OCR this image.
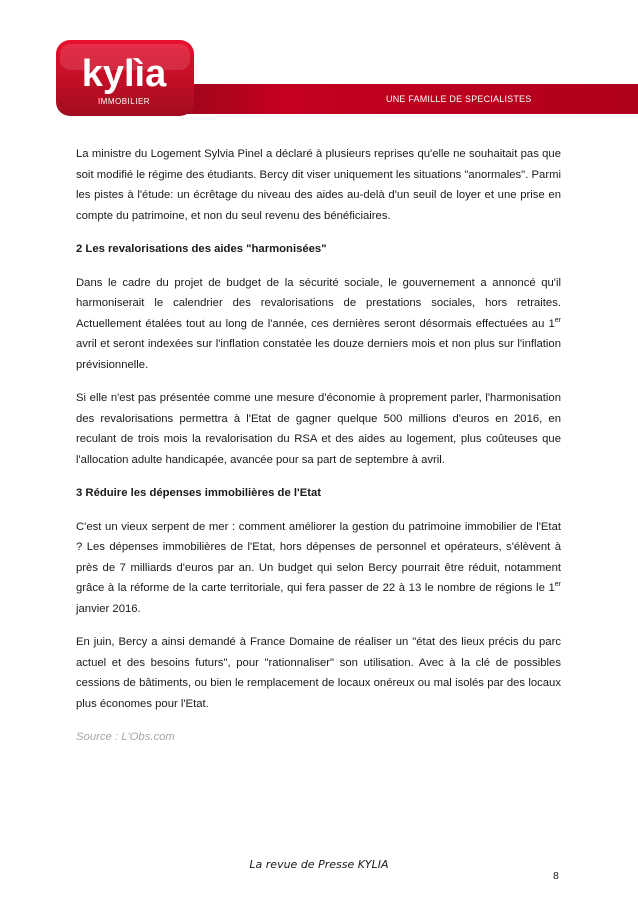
kylìa
IMMOBILIER	UNE FAMILLE DE SPECIALISTES

La ministre du Logement Sylvia Pinel a déclaré à plusieurs reprises qu'elle ne souhaitait pas que soit modifié le régime des étudiants. Bercy dit viser uniquement les situations "anormales". Parmi les pistes à l'étude: un écrêtage du niveau des aides au-delà d'un seuil de loyer et une prise en compte du patrimoine, et non du seul revenu des bénéficiaires.

2 Les revalorisations des aides "harmonisées"

Dans le cadre du projet de budget de la sécurité sociale, le gouvernement a annoncé qu'il harmoniserait le calendrier des revalorisations de prestations sociales, hors retraites. Actuellement étalées tout au long de l'année, ces dernières seront désormais effectuées au 1er avril et seront indexées sur l'inflation constatée les douze derniers mois et non plus sur l'inflation prévisionnelle.

Si elle n'est pas présentée comme une mesure d'économie à proprement parler, l'harmonisation des revalorisations permettra à l'Etat de gagner quelque 500 millions d'euros en 2016, en reculant de trois mois la revalorisation du RSA et des aides au logement, plus coûteuses que l'allocation adulte handicapée, avancée pour sa part de septembre à avril.

3 Réduire les dépenses immobilières de l'Etat

C'est un vieux serpent de mer : comment améliorer la gestion du patrimoine immobilier de l'Etat ? Les dépenses immobilières de l'Etat, hors dépenses de personnel et opérateurs, s'élèvent à près de 7 milliards d'euros par an. Un budget qui selon Bercy pourrait être réduit, notamment grâce à la réforme de la carte territoriale, qui fera passer de 22 à 13 le nombre de régions le 1er janvier 2016.

En juin, Bercy a ainsi demandé à France Domaine de réaliser un "état des lieux précis du parc actuel et des besoins futurs", pour "rationnaliser" son utilisation. Avec à la clé de possibles cessions de bâtiments, ou bien le remplacement de locaux onéreux ou mal isolés par des locaux plus économes pour l'Etat.

Source : L'Obs.com

La revue de Presse KYLIA
8
